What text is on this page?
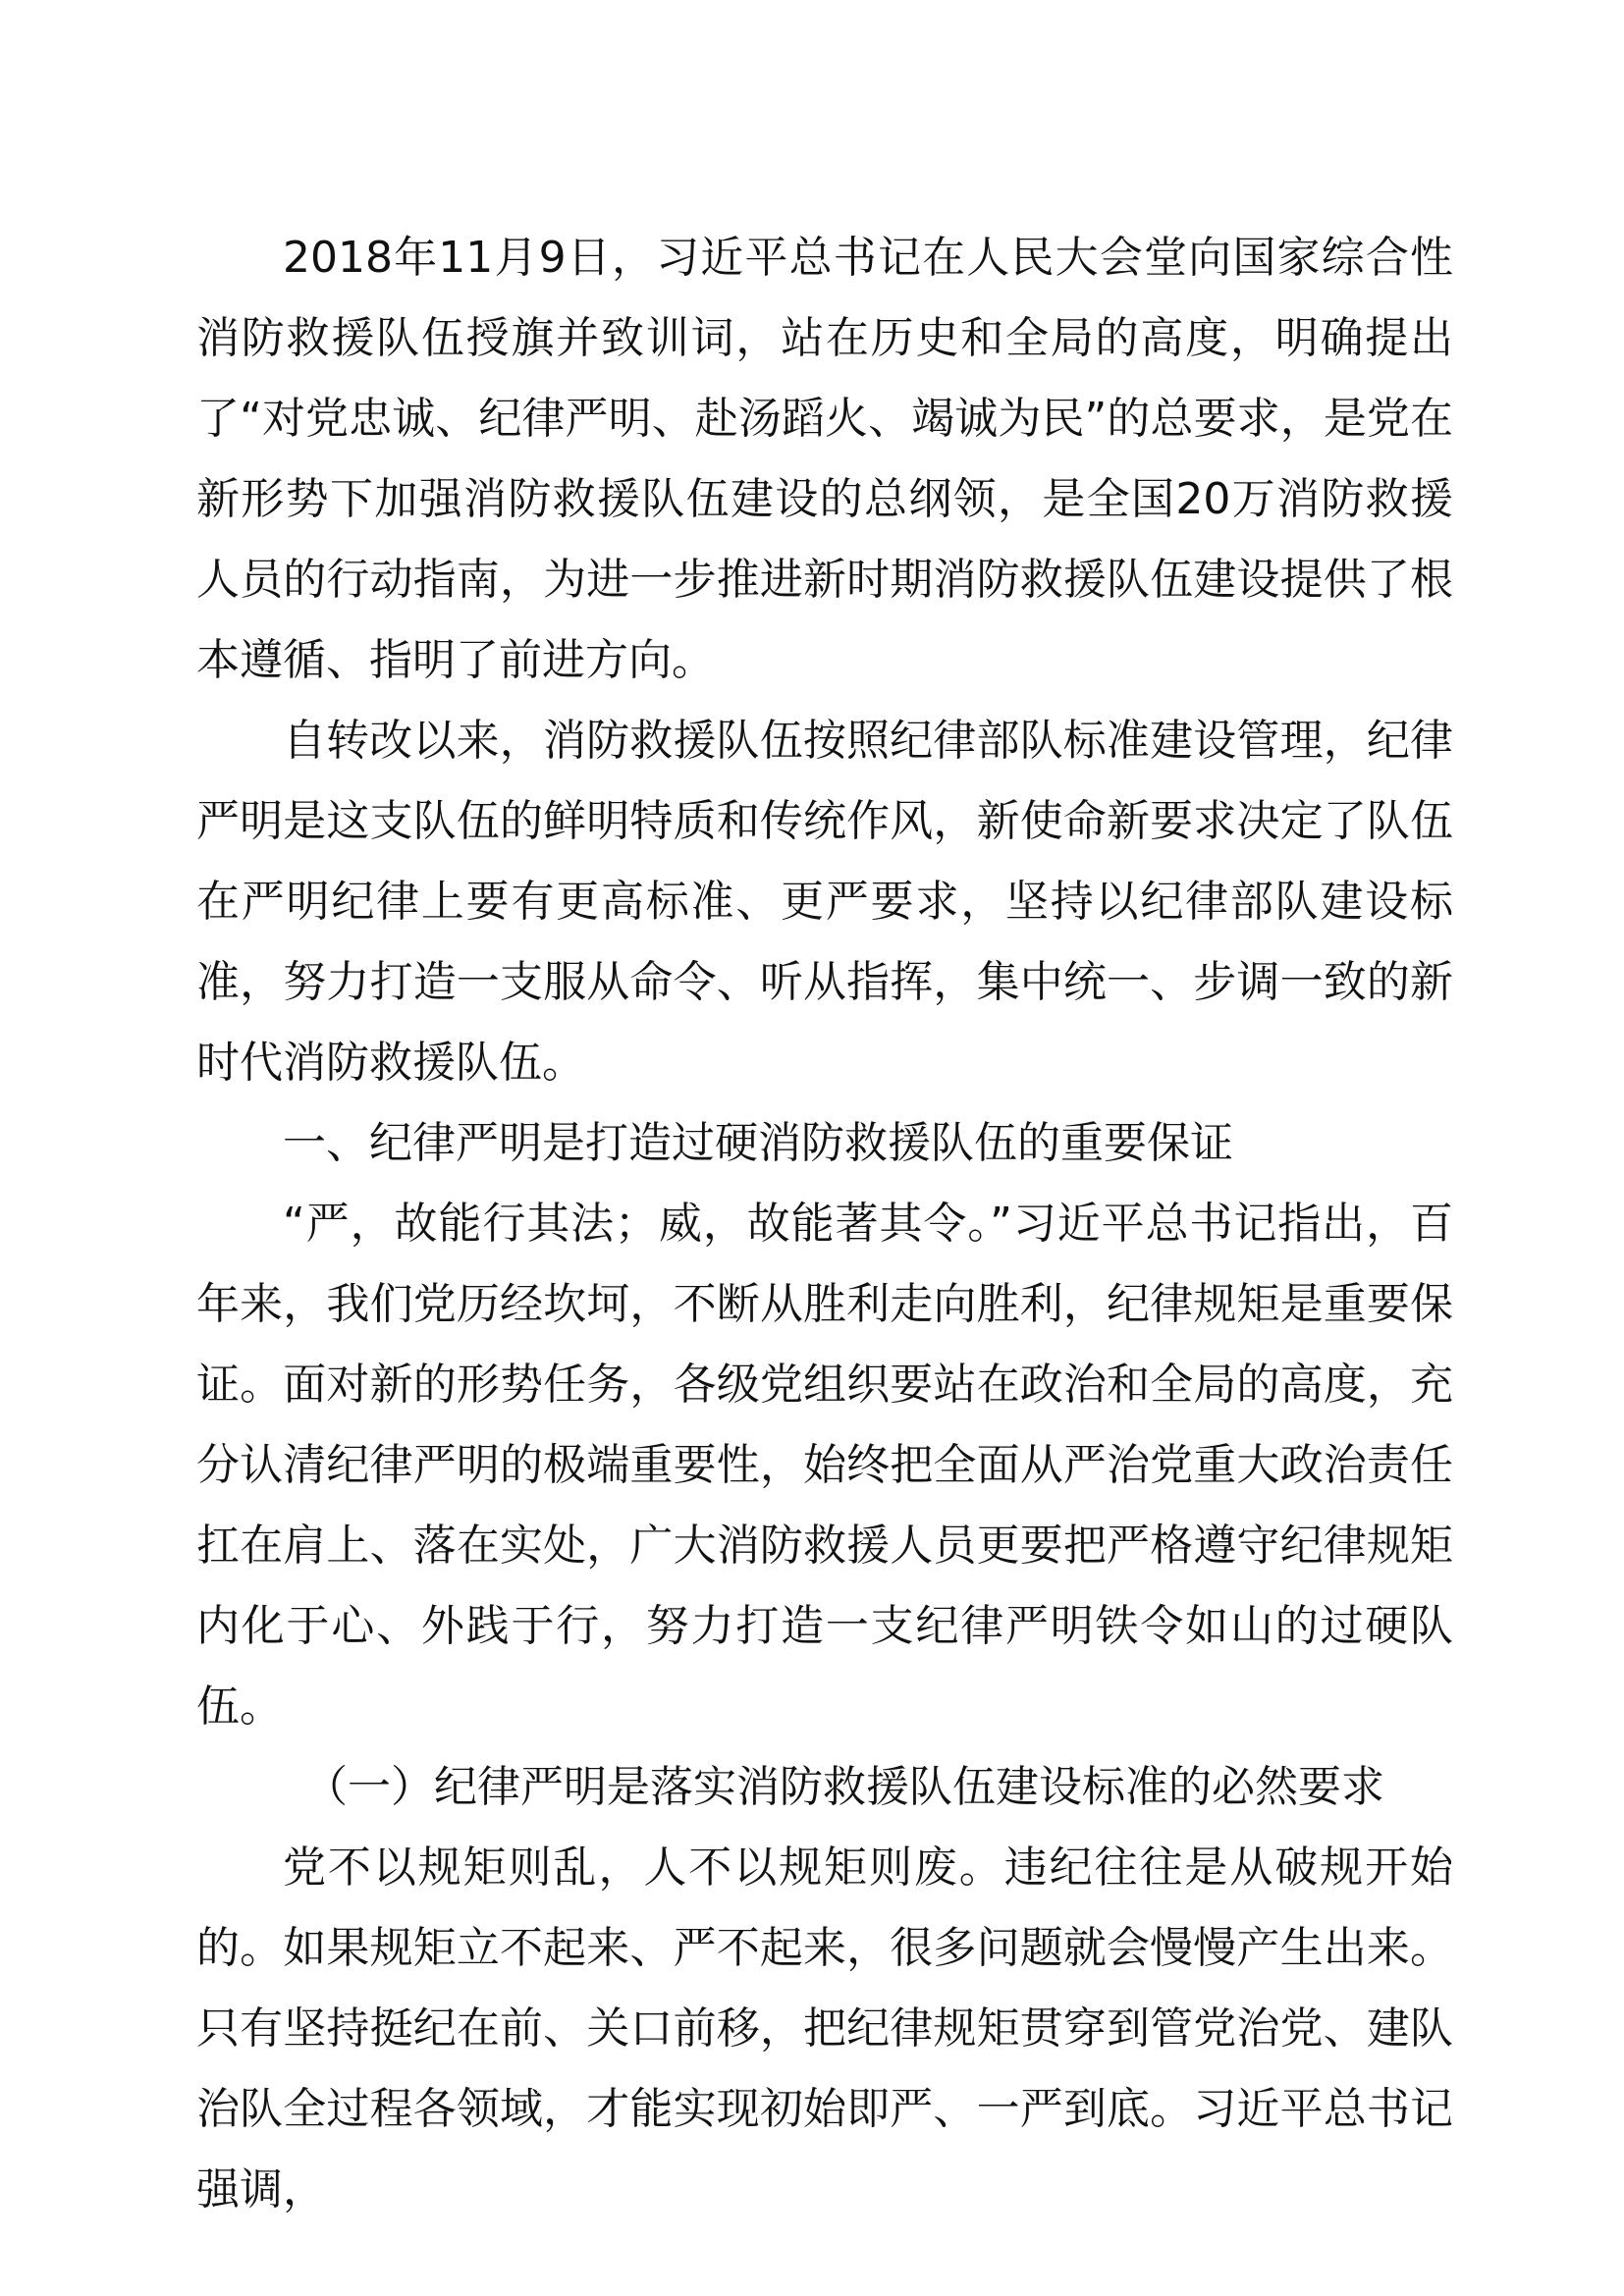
2018年11月9日，习近平总书记在人民大会堂向国家综合性消防救援队伍授旗并致训词，站在历史和全局的高度，明确提出了“对党忠诚、纪律严明、赴汤蹈火、竭诚为民”的总要求，是党在新形势下加强消防救援队伍建设的总纲领，是全国20万消防救援人员的行动指南，为进一步推进新时期消防救援队伍建设提供了根本遵循、指明了前进方向。

自转改以来，消防救援队伍按照纪律部队标准建设管理，纪律严明是这支队伍的鲜明特质和传统作风，新使命新要求决定了队伍在严明纪律上要有更高标准、更严要求，坚持以纪律部队建设标准，努力打造一支服从命令、听从指挥，集中统一、步调一致的新时代消防救援队伍。

一、纪律严明是打造过硬消防救援队伍的重要保证

“严，故能行其法；威，故能著其令。”习近平总书记指出，百年来，我们党历经坎坷，不断从胜利走向胜利，纪律规矩是重要保证。面对新的形势任务，各级党组织要站在政治和全局的高度，充分认清纪律严明的极端重要性，始终把全面从严治党重大政治责任扛在肩上、落在实处，广大消防救援人员更要把严格遵守纪律规矩内化于心、外践于行，努力打造一支纪律严明铁令如山的过硬队伍。

（一）纪律严明是落实消防救援队伍建设标准的必然要求

党不以规矩则乱，人不以规矩则废。违纪往往是从破规开始的。如果规矩立不起来、严不起来，很多问题就会慢慢产生出来。只有坚持挺纪在前、关口前移，把纪律规矩贯穿到管党治党、建队治队全过程各领域，才能实现初始即严、一严到底。习近平总书记强调，
